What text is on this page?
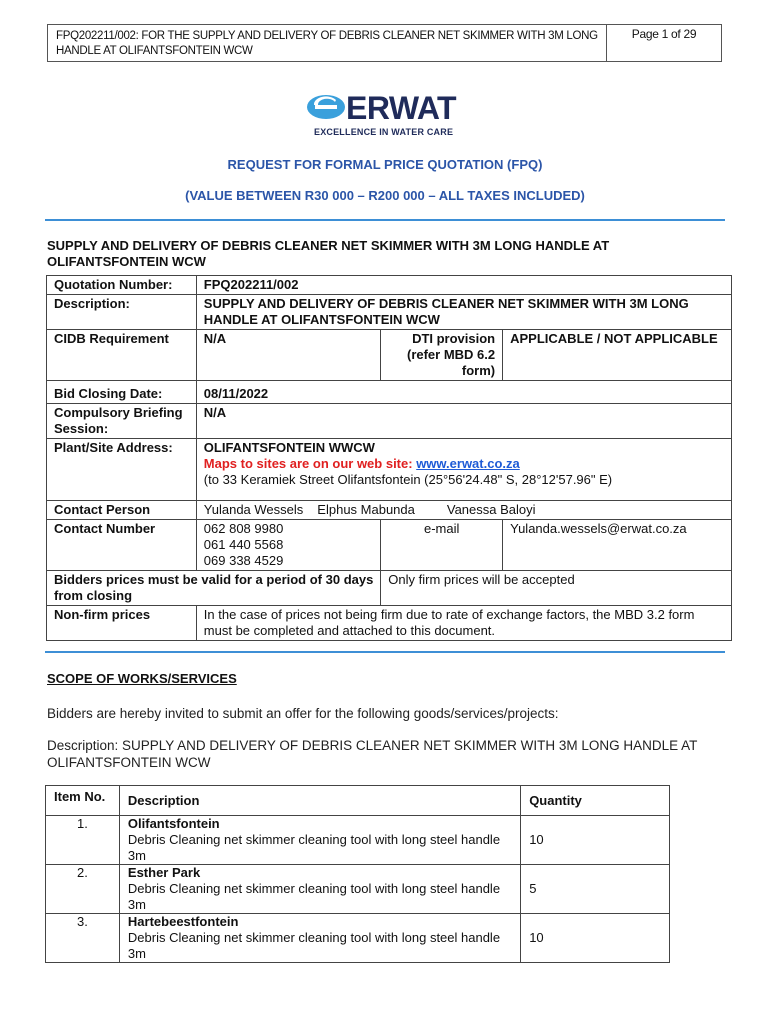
FPQ202211/002: FOR THE SUPPLY AND DELIVERY OF DEBRIS CLEANER NET SKIMMER WITH 3M LONG
HANDLE AT OLIFANTSFONTEIN WCW
Page 1 of 29
ERWAT
EXCELLENCE IN WATER CARE
REQUEST FOR FORMAL PRICE QUOTATION (FPQ)
(VALUE BETWEEN R30 000 – R200 000 – ALL TAXES INCLUDED)
SUPPLY AND DELIVERY OF DEBRIS CLEANER NET SKIMMER WITH 3M LONG HANDLE AT OLIFANTSFONTEIN WCW
Quotation Number:	FPQ202211/002		
Description:	SUPPLY AND DELIVERY OF DEBRIS CLEANER NET SKIMMER WITH 3M LONG HANDLE AT OLIFANTSFONTEIN WCW		
CIDB Requirement	N/A	DTI provision (refer MBD 6.2 form)	APPLICABLE / NOT APPLICABLE
Bid Closing Date:	08/11/2022		
Compulsory Briefing Session:	N/A		
Plant/Site Address:	OLIFANTSFONTEIN WWCW
Maps to sites are on our web site: www.erwat.co.za
(to 33 Keramiek Street Olifantsfontein (25°56'24.48" S, 28°12'57.96" E)		

Contact Person	Yulanda Wessels Elphus Mabunda Vanessa Baloyi		
Contact Number	062 808 9980
061 440 5568
069 338 4529	e-mail	Yulanda.wessels@erwat.co.za
Bidders prices must be valid for a period of 30 days from closing		Only firm prices will be accepted	
Non-firm prices	In the case of prices not being firm due to rate of exchange factors, the MBD 3.2 form must be completed and attached to this document.		
SCOPE OF WORKS/SERVICES
Bidders are hereby invited to submit an offer for the following goods/services/projects:
Description: SUPPLY AND DELIVERY OF DEBRIS CLEANER NET SKIMMER WITH 3M LONG HANDLE AT OLIFANTSFONTEIN WCW
Item No.	Description	Quantity
1.	Olifantsfontein
Debris Cleaning net skimmer cleaning tool with long steel handle 3m	10
2.	Esther Park
Debris Cleaning net skimmer cleaning tool with long steel handle 3m	5
3.	Hartebeestfontein
Debris Cleaning net skimmer cleaning tool with long steel handle 3m	10
